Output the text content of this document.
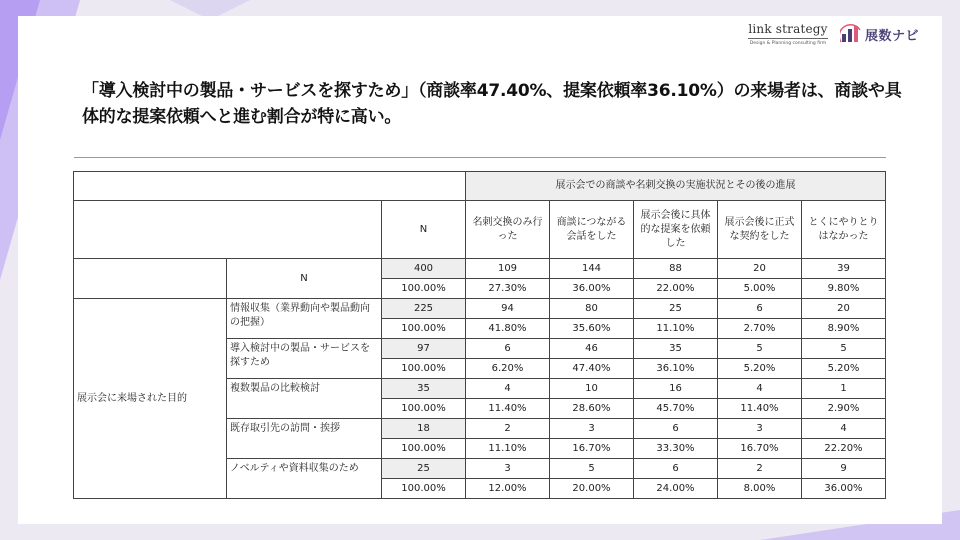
link strategy
Design & Planning consulting firm	展数ナビ
「導入検討中の製品・サービスを探すため」（商談率47.40%、提案依頼率36.10%）の来場者は、商談や具体的な提案依頼へと進む割合が特に高い。
			展示会での商談や名刺交換の実施状況とその後の進展				
		N	名刺交換のみ行った	商談につながる会話をした	展示会後に具体的な提案を依頼した	展示会後に正式な契約をした	とくにやりとりはなかった
	N	400	109	144	88	20	39
		100.00%	27.30%	36.00%	22.00%	5.00%	9.80%
展示会に来場された目的	情報収集（業界動向や製品動向の把握）	225	94	80	25	6	20
		100.00%	41.80%	35.60%	11.10%	2.70%	8.90%
	導入検討中の製品・サービスを探すため	97	6	46	35	5	5
		100.00%	6.20%	47.40%	36.10%	5.20%	5.20%
	複数製品の比較検討	35	4	10	16	4	1
		100.00%	11.40%	28.60%	45.70%	11.40%	2.90%
	既存取引先の訪問・挨拶	18	2	3	6	3	4
		100.00%	11.10%	16.70%	33.30%	16.70%	22.20%
	ノベルティや資料収集のため	25	3	5	6	2	9
		100.00%	12.00%	20.00%	24.00%	8.00%	36.00%
